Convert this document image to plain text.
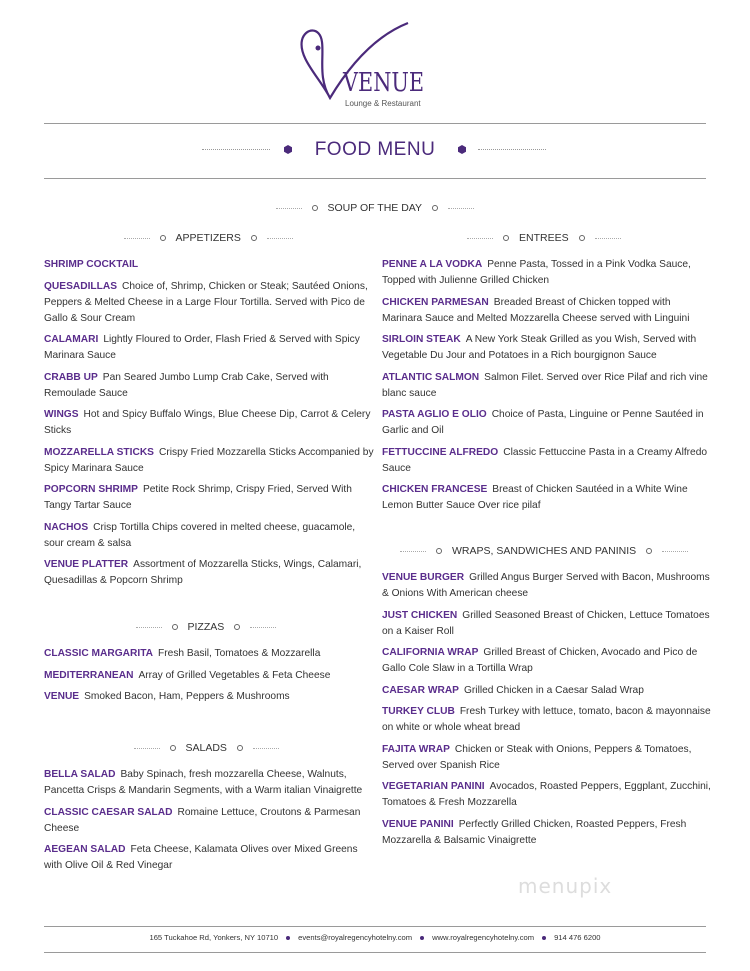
VENUE
Lounge & Restaurant
FOOD MENU
SOUP OF THE DAY
APPETIZERS	ENTREES
PIZZAS
SALADS
WRAPS, SANDWICHES AND PANINIS
SHRIMP COCKTAIL
QUESADILLAS Choice of, Shrimp, Chicken or Steak; Sautéed Onions, Peppers & Melted Cheese in a Large Flour Tortilla. Served with Pico de Gallo & Sour Cream
CALAMARI Lightly Floured to Order, Flash Fried & Served with Spicy Marinara Sauce
CRABB UP Pan Seared Jumbo Lump Crab Cake, Served with Remoulade Sauce
WINGS Hot and Spicy Buffalo Wings, Blue Cheese Dip, Carrot & Celery Sticks
MOZZARELLA STICKS Crispy Fried Mozzarella Sticks Accompanied by Spicy Marinara Sauce
POPCORN SHRIMP Petite Rock Shrimp, Crispy Fried, Served With Tangy Tartar Sauce
NACHOS Crisp Tortilla Chips covered in melted cheese, guacamole, sour cream & salsa
VENUE PLATTER Assortment of Mozzarella Sticks, Wings, Calamari, Quesadillas & Popcorn Shrimp
PENNE A LA VODKA Penne Pasta, Tossed in a Pink Vodka Sauce, Topped with Julienne Grilled Chicken
CHICKEN PARMESAN Breaded Breast of Chicken topped with Marinara Sauce and Melted Mozzarella Cheese served with Linguini
SIRLOIN STEAK A New York Steak Grilled as you Wish, Served with Vegetable Du Jour and Potatoes in a Rich bourgignon Sauce
ATLANTIC SALMON Salmon Filet. Served over Rice Pilaf and rich vine blanc sauce
PASTA AGLIO E OLIO Choice of Pasta, Linguine or Penne Sautéed in Garlic and Oil
FETTUCCINE ALFREDO Classic Fettuccine Pasta in a Creamy Alfredo Sauce
CHICKEN FRANCESE Breast of Chicken Sautéed in a White Wine Lemon Butter Sauce Over rice pilaf
CLASSIC MARGARITA Fresh Basil, Tomatoes & Mozzarella
MEDITERRANEAN Array of Grilled Vegetables & Feta Cheese
VENUE Smoked Bacon, Ham, Peppers & Mushrooms
BELLA SALAD Baby Spinach, fresh mozzarella Cheese, Walnuts, Pancetta Crisps & Mandarin Segments, with a Warm italian Vinaigrette
CLASSIC CAESAR SALAD Romaine Lettuce, Croutons & Parmesan Cheese
AEGEAN SALAD Feta Cheese, Kalamata Olives over Mixed Greens with Olive Oil & Red Vinegar
VENUE BURGER Grilled Angus Burger Served with Bacon, Mushrooms & Onions With American cheese
JUST CHICKEN Grilled Seasoned Breast of Chicken, Lettuce Tomatoes on a Kaiser Roll
CALIFORNIA WRAP Grilled Breast of Chicken, Avocado and Pico de Gallo Cole Slaw in a Tortilla Wrap
CAESAR WRAP Grilled Chicken in a Caesar Salad Wrap
TURKEY CLUB Fresh Turkey with lettuce, tomato, bacon & mayonnaise on white or whole wheat bread
FAJITA WRAP Chicken or Steak with Onions, Peppers & Tomatoes, Served over Spanish Rice
VEGETARIAN PANINI Avocados, Roasted Peppers, Eggplant, Zucchini, Tomatoes & Fresh Mozzarella
VENUE PANINI Perfectly Grilled Chicken, Roasted Peppers, Fresh Mozzarella & Balsamic Vinaigrette
menupix
165 Tuckahoe Rd, Yonkers, NY 10710	events@royalregencyhotelny.com	www.royalregencyhotelny.com	914 476 6200
